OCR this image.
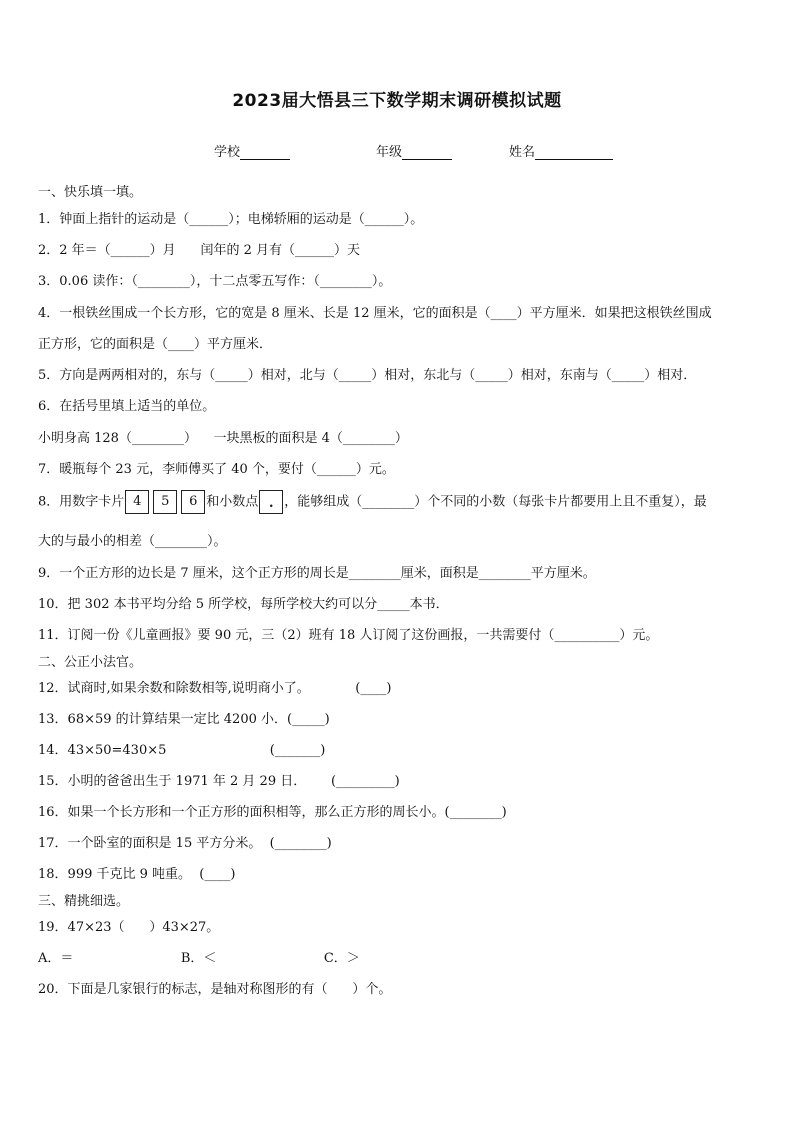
2023届大悟县三下数学期末调研模拟试题
学校	年级	姓名
一、快乐填一填。
1．钟面上指针的运动是（______）；电梯轿厢的运动是（______）。
2．2 年＝（______）月      闰年的 2 月有（______）天
3．0.06 读作：（________），十二点零五写作：（________）。
4．一根铁丝围成一个长方形，它的宽是 8 厘米、长是 12 厘米，它的面积是（____）平方厘米．如果把这根铁丝围成
正方形，它的面积是（____）平方厘米．
5．方向是两两相对的，东与（_____）相对，北与（_____）相对，东北与（_____）相对，东南与（_____）相对．
6．在括号里填上适当的单位。
小明身高 128（________）    一块黑板的面积是 4（________）
7．暖瓶每个 23 元，李师傅买了 40 个，要付（______）元。
8．用数字卡片 4	5	6 和小数点 . ，能够组成（________）个不同的小数（每张卡片都要用上且不重复），最
大的与最小的相差（________）。
9．一个正方形的边长是 7 厘米，这个正方形的周长是________厘米，面积是________平方厘米。
10．把 302 本书平均分给 5 所学校，每所学校大约可以分_____本书．
11．订阅一份《儿童画报》要 90 元，三（2）班有 18 人订阅了这份画报，一共需要付（__________）元。
二、公正小法官。
12．试商时,如果余数和除数相等,说明商小了。           (____)
13．68×59 的计算结果一定比 4200 小．(_____)
14．43×50=430×5                         (_______)
15．小明的爸爸出生于 1971 年 2 月 29 日．      (_________)
16．如果一个长方形和一个正方形的面积相等，那么正方形的周长小。(________)
17．一个卧室的面积是 15 平方分米。  (________)
18．999 千克比 9 吨重。  (____)
三、精挑细选。
19．47×23（      ）43×27。
A．＝                          B．＜                          C．＞
20．下面是几家银行的标志，是轴对称图形的有（      ）个。
